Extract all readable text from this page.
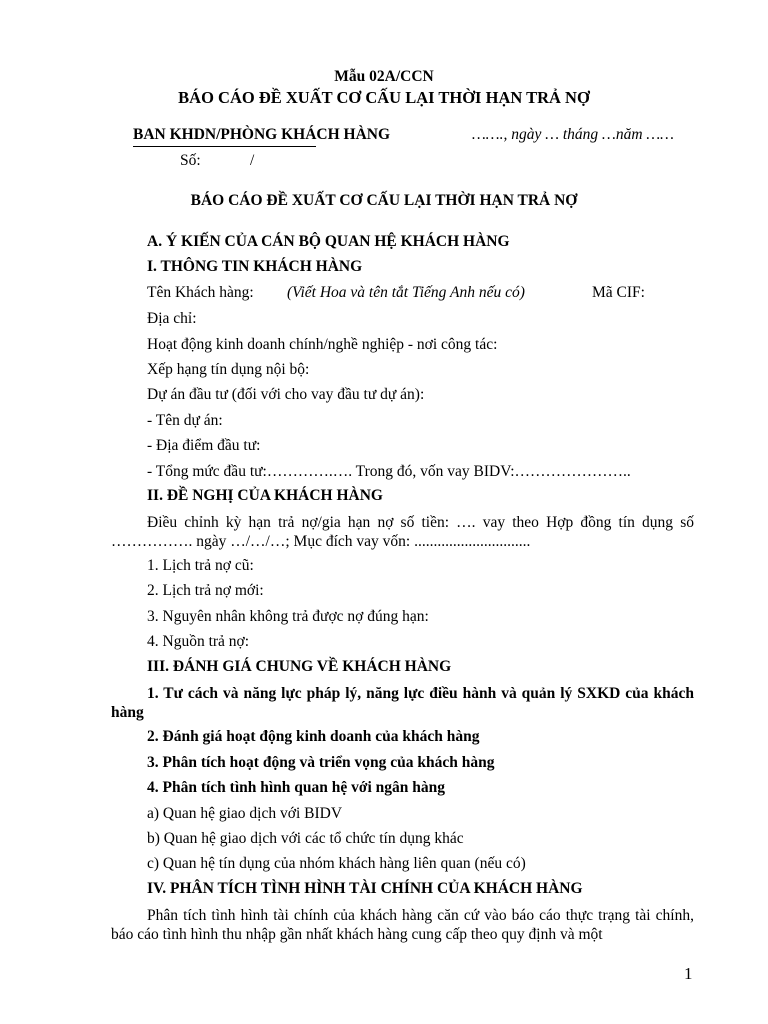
Mẫu 02A/CCN
BÁO CÁO ĐỀ XUẤT CƠ CẤU LẠI THỜI HẠN TRẢ NỢ
BAN KHDN/PHÒNG KHÁCH HÀNG	……., ngày … tháng …năm ……
Số:	/
BÁO CÁO ĐỀ XUẤT CƠ CẤU LẠI THỜI HẠN TRẢ NỢ
A. Ý KIẾN CỦA CÁN BỘ QUAN HỆ KHÁCH HÀNG
I. THÔNG TIN KHÁCH HÀNG
Tên Khách hàng: (Viết Hoa và tên tắt Tiếng Anh nếu có)	Mã CIF:
Địa chỉ:
Hoạt động kinh doanh chính/nghề nghiệp - nơi công tác:
Xếp hạng tín dụng nội bộ:
Dự án đầu tư (đối với cho vay đầu tư dự án):
- Tên dự án:
- Địa điểm đầu tư:
- Tổng mức đầu tư:………….…. Trong đó, vốn vay BIDV:…………………..
II. ĐỀ NGHỊ CỦA KHÁCH HÀNG
Điều chỉnh kỳ hạn trả nợ/gia hạn nợ số tiền: …. vay theo Hợp đồng tín dụng số ……………. ngày …/…/…; Mục đích vay vốn: ..............................
1. Lịch trả nợ cũ:
2. Lịch trả nợ mới:
3. Nguyên nhân không trả được nợ đúng hạn:
4. Nguồn trả nợ:
III. ĐÁNH GIÁ CHUNG VỀ KHÁCH HÀNG
1. Tư cách và năng lực pháp lý, năng lực điều hành và quản lý SXKD của khách hàng
2. Đánh giá hoạt động kinh doanh của khách hàng
3. Phân tích hoạt động và triển vọng của khách hàng
4. Phân tích tình hình quan hệ với ngân hàng
a) Quan hệ giao dịch với BIDV
b) Quan hệ giao dịch với các tổ chức tín dụng khác
c) Quan hệ tín dụng của nhóm khách hàng liên quan (nếu có)
IV. PHÂN TÍCH TÌNH HÌNH TÀI CHÍNH CỦA KHÁCH HÀNG
Phân tích tình hình tài chính của khách hàng căn cứ vào báo cáo thực trạng tài chính, báo cáo tình hình thu nhập gần nhất khách hàng cung cấp theo quy định và một
1
